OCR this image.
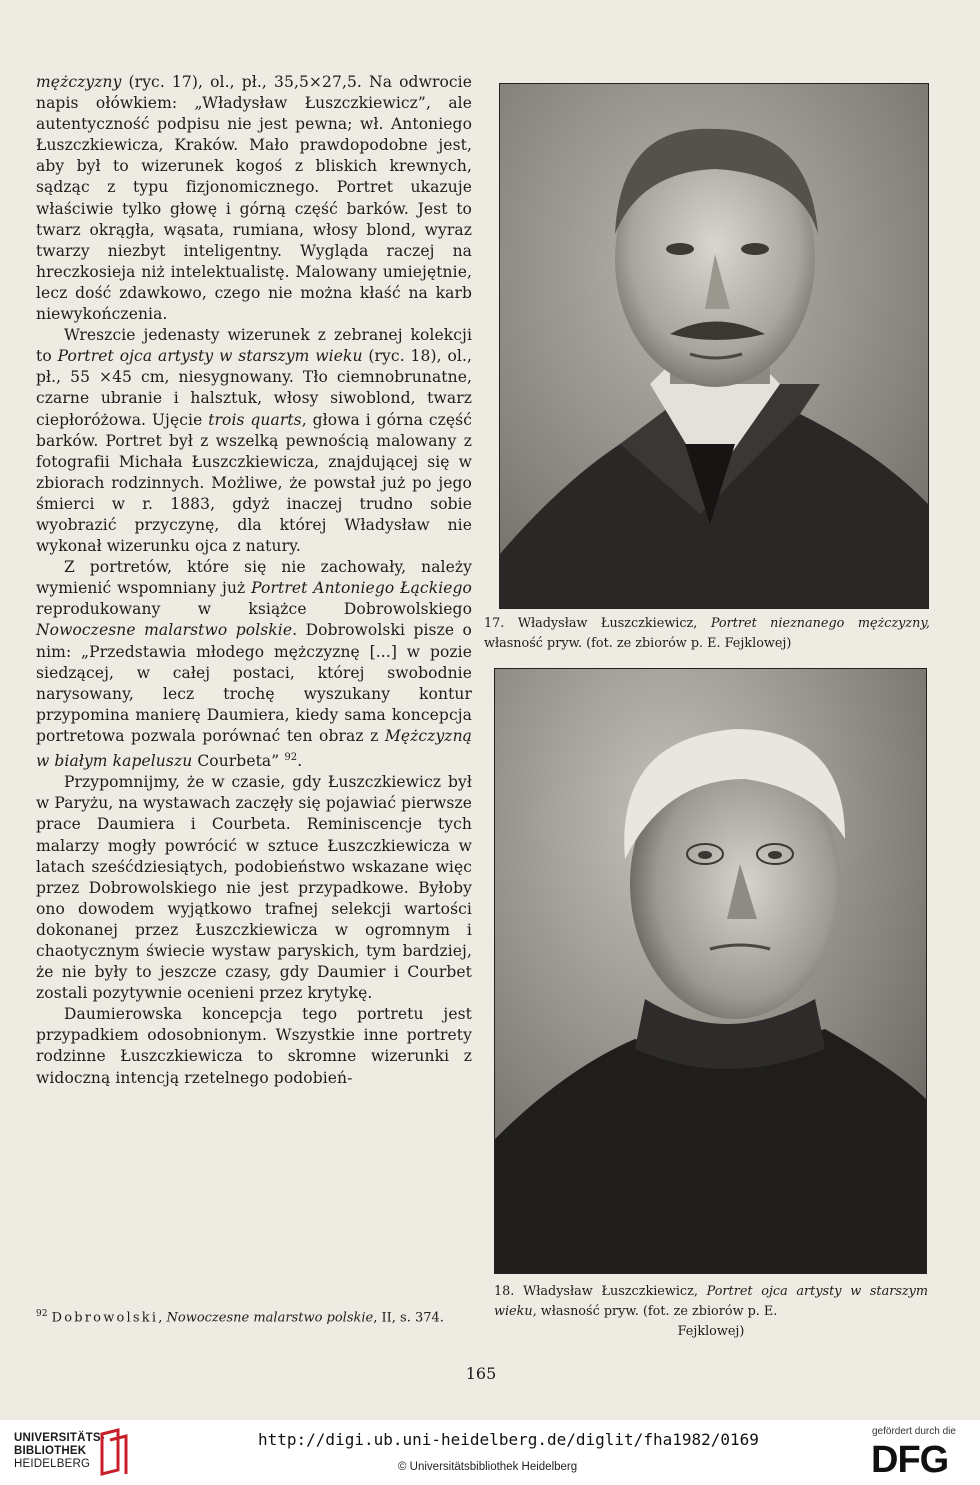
mężczyzny (ryc. 17), ol., pł., 35,5×27,5. Na odwrocie napis ołówkiem: „Władysław Łuszczkiewicz”, ale autentyczność podpisu nie jest pewna; wł. Antoniego Łuszczkiewicza, Kraków. Mało prawdopodobne jest, aby był to wizerunek kogoś z bliskich krewnych, sądząc z typu fizjonomicznego. Portret ukazuje właściwie tylko głowę i górną część barków. Jest to twarz okrągła, wąsata, rumiana, włosy blond, wyraz twarzy niezbyt inteligentny. Wygląda raczej na hreczkosieja niż intelektualistę. Malowany umiejętnie, lecz dość zdawkowo, czego nie można kłaść na karb niewykończenia.

Wreszcie jedenasty wizerunek z zebranej kolekcji to Portret ojca artysty w starszym wieku (ryc. 18), ol., pł., 55 ×45 cm, niesygnowany. Tło ciemnobrunatne, czarne ubranie i halsztuk, włosy siwoblond, twarz ciepłoróżowa. Ujęcie trois quarts, głowa i górna część barków. Portret był z wszelką pewnością malowany z fotografii Michała Łuszczkiewicza, znajdującej się w zbiorach rodzinnych. Możliwe, że powstał już po jego śmierci w r. 1883, gdyż inaczej trudno sobie wyobrazić przyczynę, dla której Władysław nie wykonał wizerunku ojca z natury.

Z portretów, które się nie zachowały, należy wymienić wspomniany już Portret Antoniego Łąckiego reprodukowany w książce Dobrowolskiego Nowoczesne malarstwo polskie. Dobrowolski pisze o nim: „Przedstawia młodego mężczyznę [...] w pozie siedzącej, w całej postaci, której swobodnie narysowany, lecz trochę wyszukany kontur przypomina manierę Daumiera, kiedy sama koncepcja portretowa pozwala porównać ten obraz z Mężczyzną w białym kapeluszu Courbeta” $^{92}$.

Przypomnijmy, że w czasie, gdy Łuszczkiewicz był w Paryżu, na wystawach zaczęły się pojawiać pierwsze prace Daumiera i Courbeta. Reminiscencje tych malarzy mogły powrócić w sztuce Łuszczkiewicza w latach sześćdziesiątych, podobieństwo wskazane więc przez Dobrowolskiego nie jest przypadkowe. Byłoby ono dowodem wyjątkowo trafnej selekcji wartości dokonanej przez Łuszczkiewicza w ogromnym i chaotycznym świecie wystaw paryskich, tym bardziej, że nie były to jeszcze czasy, gdy Daumier i Courbet zostali pozytywnie ocenieni przez krytykę.

Daumierowska koncepcja tego portretu jest przypadkiem odosobnionym. Wszystkie inne portrety rodzinne Łuszczkiewicza to skromne wizerunki z widoczną intencją rzetelnego podobień-

$^{92}$ Dobrowolski, Nowoczesne malarstwo polskie, II, s. 374.
17. Władysław Łuszczkiewicz, Portret nieznanego mężczyzny, własność pryw. (fot. ze zbiorów p. E. Fejklowej)
18. Władysław Łuszczkiewicz, Portret ojca artysty w starszym wieku, własność pryw. (fot. ze zbiorów p. E.
Fejklowej)
165
UNIVERSITÄTS-
BIBLIOTHEK
HEIDELBERG
http://digi.ub.uni-heidelberg.de/diglit/fha1982/0169
© Universitätsbibliothek Heidelberg
gefördert durch die
DFG
